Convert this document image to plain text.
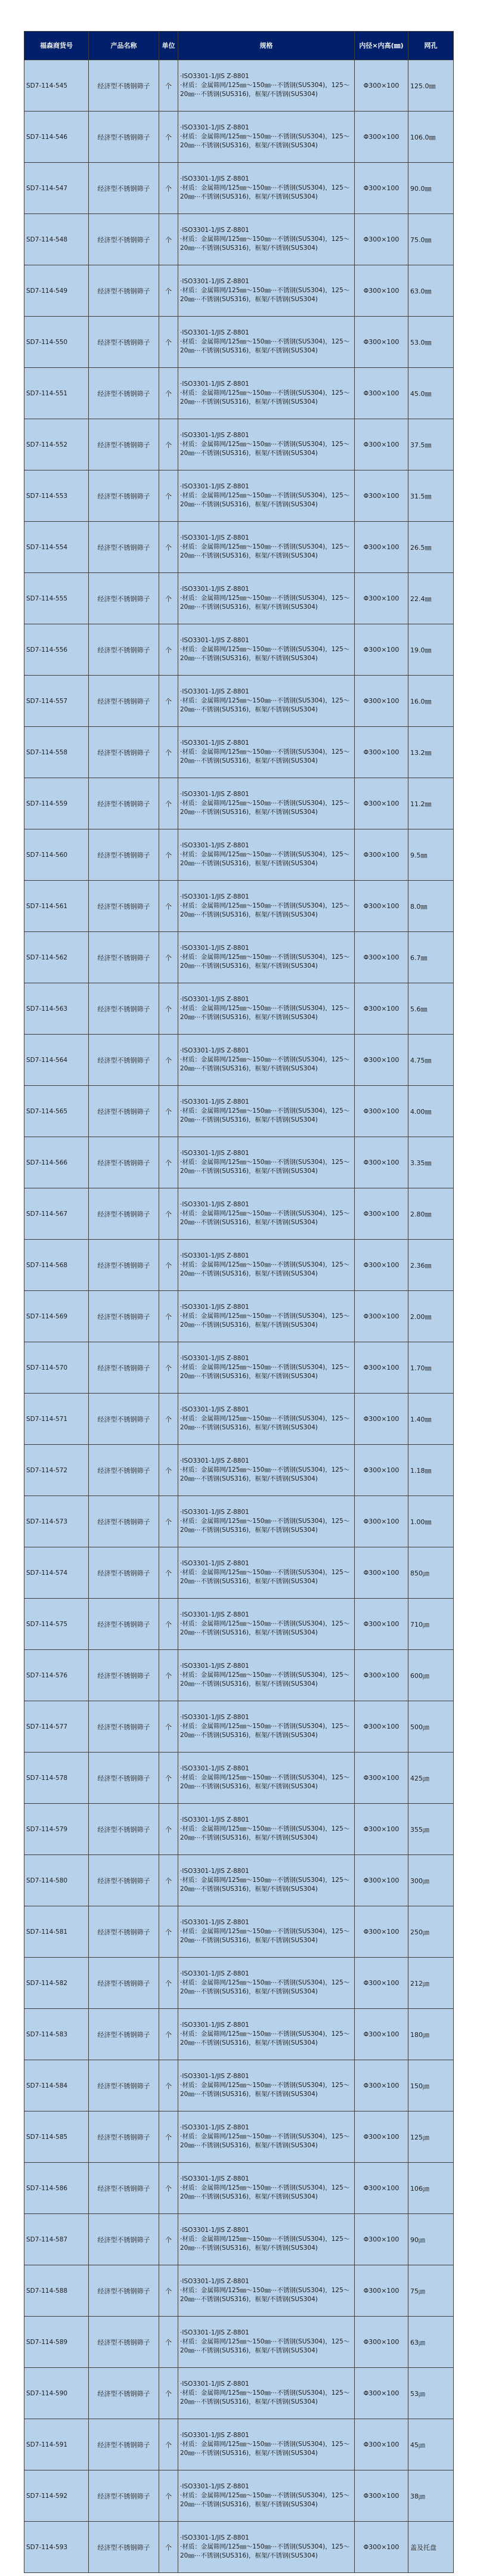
福森商货号	产品名称	单位	规格	内径×内高(㎜)	网孔
SD7-114-545	经济型不锈钢筛子	个	·ISO3301-1/JIS Z-8801
·材质：金属筛网/125㎜～150㎜⋯不锈钢(SUS304)，125～20㎜⋯不锈钢(SUS316)，框架/不锈钢(SUS304)	Φ300×100	125.0㎜
SD7-114-546	经济型不锈钢筛子	个	·ISO3301-1/JIS Z-8801
·材质：金属筛网/125㎜～150㎜⋯不锈钢(SUS304)，125～20㎜⋯不锈钢(SUS316)，框架/不锈钢(SUS304)	Φ300×100	106.0㎜
SD7-114-547	经济型不锈钢筛子	个	·ISO3301-1/JIS Z-8801
·材质：金属筛网/125㎜～150㎜⋯不锈钢(SUS304)，125～20㎜⋯不锈钢(SUS316)，框架/不锈钢(SUS304)	Φ300×100	90.0㎜
SD7-114-548	经济型不锈钢筛子	个	·ISO3301-1/JIS Z-8801
·材质：金属筛网/125㎜～150㎜⋯不锈钢(SUS304)，125～20㎜⋯不锈钢(SUS316)，框架/不锈钢(SUS304)	Φ300×100	75.0㎜
SD7-114-549	经济型不锈钢筛子	个	·ISO3301-1/JIS Z-8801
·材质：金属筛网/125㎜～150㎜⋯不锈钢(SUS304)，125～20㎜⋯不锈钢(SUS316)，框架/不锈钢(SUS304)	Φ300×100	63.0㎜
SD7-114-550	经济型不锈钢筛子	个	·ISO3301-1/JIS Z-8801
·材质：金属筛网/125㎜～150㎜⋯不锈钢(SUS304)，125～20㎜⋯不锈钢(SUS316)，框架/不锈钢(SUS304)	Φ300×100	53.0㎜
SD7-114-551	经济型不锈钢筛子	个	·ISO3301-1/JIS Z-8801
·材质：金属筛网/125㎜～150㎜⋯不锈钢(SUS304)，125～20㎜⋯不锈钢(SUS316)，框架/不锈钢(SUS304)	Φ300×100	45.0㎜
SD7-114-552	经济型不锈钢筛子	个	·ISO3301-1/JIS Z-8801
·材质：金属筛网/125㎜～150㎜⋯不锈钢(SUS304)，125～20㎜⋯不锈钢(SUS316)，框架/不锈钢(SUS304)	Φ300×100	37.5㎜
SD7-114-553	经济型不锈钢筛子	个	·ISO3301-1/JIS Z-8801
·材质：金属筛网/125㎜～150㎜⋯不锈钢(SUS304)，125～20㎜⋯不锈钢(SUS316)，框架/不锈钢(SUS304)	Φ300×100	31.5㎜
SD7-114-554	经济型不锈钢筛子	个	·ISO3301-1/JIS Z-8801
·材质：金属筛网/125㎜～150㎜⋯不锈钢(SUS304)，125～20㎜⋯不锈钢(SUS316)，框架/不锈钢(SUS304)	Φ300×100	26.5㎜
SD7-114-555	经济型不锈钢筛子	个	·ISO3301-1/JIS Z-8801
·材质：金属筛网/125㎜～150㎜⋯不锈钢(SUS304)，125～20㎜⋯不锈钢(SUS316)，框架/不锈钢(SUS304)	Φ300×100	22.4㎜
SD7-114-556	经济型不锈钢筛子	个	·ISO3301-1/JIS Z-8801
·材质：金属筛网/125㎜～150㎜⋯不锈钢(SUS304)，125～20㎜⋯不锈钢(SUS316)，框架/不锈钢(SUS304)	Φ300×100	19.0㎜
SD7-114-557	经济型不锈钢筛子	个	·ISO3301-1/JIS Z-8801
·材质：金属筛网/125㎜～150㎜⋯不锈钢(SUS304)，125～20㎜⋯不锈钢(SUS316)，框架/不锈钢(SUS304)	Φ300×100	16.0㎜
SD7-114-558	经济型不锈钢筛子	个	·ISO3301-1/JIS Z-8801
·材质：金属筛网/125㎜～150㎜⋯不锈钢(SUS304)，125～20㎜⋯不锈钢(SUS316)，框架/不锈钢(SUS304)	Φ300×100	13.2㎜
SD7-114-559	经济型不锈钢筛子	个	·ISO3301-1/JIS Z-8801
·材质：金属筛网/125㎜～150㎜⋯不锈钢(SUS304)，125～20㎜⋯不锈钢(SUS316)，框架/不锈钢(SUS304)	Φ300×100	11.2㎜
SD7-114-560	经济型不锈钢筛子	个	·ISO3301-1/JIS Z-8801
·材质：金属筛网/125㎜～150㎜⋯不锈钢(SUS304)，125～20㎜⋯不锈钢(SUS316)，框架/不锈钢(SUS304)	Φ300×100	9.5㎜
SD7-114-561	经济型不锈钢筛子	个	·ISO3301-1/JIS Z-8801
·材质：金属筛网/125㎜～150㎜⋯不锈钢(SUS304)，125～20㎜⋯不锈钢(SUS316)，框架/不锈钢(SUS304)	Φ300×100	8.0㎜
SD7-114-562	经济型不锈钢筛子	个	·ISO3301-1/JIS Z-8801
·材质：金属筛网/125㎜～150㎜⋯不锈钢(SUS304)，125～20㎜⋯不锈钢(SUS316)，框架/不锈钢(SUS304)	Φ300×100	6.7㎜
SD7-114-563	经济型不锈钢筛子	个	·ISO3301-1/JIS Z-8801
·材质：金属筛网/125㎜～150㎜⋯不锈钢(SUS304)，125～20㎜⋯不锈钢(SUS316)，框架/不锈钢(SUS304)	Φ300×100	5.6㎜
SD7-114-564	经济型不锈钢筛子	个	·ISO3301-1/JIS Z-8801
·材质：金属筛网/125㎜～150㎜⋯不锈钢(SUS304)，125～20㎜⋯不锈钢(SUS316)，框架/不锈钢(SUS304)	Φ300×100	4.75㎜
SD7-114-565	经济型不锈钢筛子	个	·ISO3301-1/JIS Z-8801
·材质：金属筛网/125㎜～150㎜⋯不锈钢(SUS304)，125～20㎜⋯不锈钢(SUS316)，框架/不锈钢(SUS304)	Φ300×100	4.00㎜
SD7-114-566	经济型不锈钢筛子	个	·ISO3301-1/JIS Z-8801
·材质：金属筛网/125㎜～150㎜⋯不锈钢(SUS304)，125～20㎜⋯不锈钢(SUS316)，框架/不锈钢(SUS304)	Φ300×100	3.35㎜
SD7-114-567	经济型不锈钢筛子	个	·ISO3301-1/JIS Z-8801
·材质：金属筛网/125㎜～150㎜⋯不锈钢(SUS304)，125～20㎜⋯不锈钢(SUS316)，框架/不锈钢(SUS304)	Φ300×100	2.80㎜
SD7-114-568	经济型不锈钢筛子	个	·ISO3301-1/JIS Z-8801
·材质：金属筛网/125㎜～150㎜⋯不锈钢(SUS304)，125～20㎜⋯不锈钢(SUS316)，框架/不锈钢(SUS304)	Φ300×100	2.36㎜
SD7-114-569	经济型不锈钢筛子	个	·ISO3301-1/JIS Z-8801
·材质：金属筛网/125㎜～150㎜⋯不锈钢(SUS304)，125～20㎜⋯不锈钢(SUS316)，框架/不锈钢(SUS304)	Φ300×100	2.00㎜
SD7-114-570	经济型不锈钢筛子	个	·ISO3301-1/JIS Z-8801
·材质：金属筛网/125㎜～150㎜⋯不锈钢(SUS304)，125～20㎜⋯不锈钢(SUS316)，框架/不锈钢(SUS304)	Φ300×100	1.70㎜
SD7-114-571	经济型不锈钢筛子	个	·ISO3301-1/JIS Z-8801
·材质：金属筛网/125㎜～150㎜⋯不锈钢(SUS304)，125～20㎜⋯不锈钢(SUS316)，框架/不锈钢(SUS304)	Φ300×100	1.40㎜
SD7-114-572	经济型不锈钢筛子	个	·ISO3301-1/JIS Z-8801
·材质：金属筛网/125㎜～150㎜⋯不锈钢(SUS304)，125～20㎜⋯不锈钢(SUS316)，框架/不锈钢(SUS304)	Φ300×100	1.18㎜
SD7-114-573	经济型不锈钢筛子	个	·ISO3301-1/JIS Z-8801
·材质：金属筛网/125㎜～150㎜⋯不锈钢(SUS304)，125～20㎜⋯不锈钢(SUS316)，框架/不锈钢(SUS304)	Φ300×100	1.00㎜
SD7-114-574	经济型不锈钢筛子	个	·ISO3301-1/JIS Z-8801
·材质：金属筛网/125㎜～150㎜⋯不锈钢(SUS304)，125～20㎜⋯不锈钢(SUS316)，框架/不锈钢(SUS304)	Φ300×100	850㎛
SD7-114-575	经济型不锈钢筛子	个	·ISO3301-1/JIS Z-8801
·材质：金属筛网/125㎜～150㎜⋯不锈钢(SUS304)，125～20㎜⋯不锈钢(SUS316)，框架/不锈钢(SUS304)	Φ300×100	710㎛
SD7-114-576	经济型不锈钢筛子	个	·ISO3301-1/JIS Z-8801
·材质：金属筛网/125㎜～150㎜⋯不锈钢(SUS304)，125～20㎜⋯不锈钢(SUS316)，框架/不锈钢(SUS304)	Φ300×100	600㎛
SD7-114-577	经济型不锈钢筛子	个	·ISO3301-1/JIS Z-8801
·材质：金属筛网/125㎜～150㎜⋯不锈钢(SUS304)，125～20㎜⋯不锈钢(SUS316)，框架/不锈钢(SUS304)	Φ300×100	500㎛
SD7-114-578	经济型不锈钢筛子	个	·ISO3301-1/JIS Z-8801
·材质：金属筛网/125㎜～150㎜⋯不锈钢(SUS304)，125～20㎜⋯不锈钢(SUS316)，框架/不锈钢(SUS304)	Φ300×100	425㎛
SD7-114-579	经济型不锈钢筛子	个	·ISO3301-1/JIS Z-8801
·材质：金属筛网/125㎜～150㎜⋯不锈钢(SUS304)，125～20㎜⋯不锈钢(SUS316)，框架/不锈钢(SUS304)	Φ300×100	355㎛
SD7-114-580	经济型不锈钢筛子	个	·ISO3301-1/JIS Z-8801
·材质：金属筛网/125㎜～150㎜⋯不锈钢(SUS304)，125～20㎜⋯不锈钢(SUS316)，框架/不锈钢(SUS304)	Φ300×100	300㎛
SD7-114-581	经济型不锈钢筛子	个	·ISO3301-1/JIS Z-8801
·材质：金属筛网/125㎜～150㎜⋯不锈钢(SUS304)，125～20㎜⋯不锈钢(SUS316)，框架/不锈钢(SUS304)	Φ300×100	250㎛
SD7-114-582	经济型不锈钢筛子	个	·ISO3301-1/JIS Z-8801
·材质：金属筛网/125㎜～150㎜⋯不锈钢(SUS304)，125～20㎜⋯不锈钢(SUS316)，框架/不锈钢(SUS304)	Φ300×100	212㎛
SD7-114-583	经济型不锈钢筛子	个	·ISO3301-1/JIS Z-8801
·材质：金属筛网/125㎜～150㎜⋯不锈钢(SUS304)，125～20㎜⋯不锈钢(SUS316)，框架/不锈钢(SUS304)	Φ300×100	180㎛
SD7-114-584	经济型不锈钢筛子	个	·ISO3301-1/JIS Z-8801
·材质：金属筛网/125㎜～150㎜⋯不锈钢(SUS304)，125～20㎜⋯不锈钢(SUS316)，框架/不锈钢(SUS304)	Φ300×100	150㎛
SD7-114-585	经济型不锈钢筛子	个	·ISO3301-1/JIS Z-8801
·材质：金属筛网/125㎜～150㎜⋯不锈钢(SUS304)，125～20㎜⋯不锈钢(SUS316)，框架/不锈钢(SUS304)	Φ300×100	125㎛
SD7-114-586	经济型不锈钢筛子	个	·ISO3301-1/JIS Z-8801
·材质：金属筛网/125㎜～150㎜⋯不锈钢(SUS304)，125～20㎜⋯不锈钢(SUS316)，框架/不锈钢(SUS304)	Φ300×100	106㎛
SD7-114-587	经济型不锈钢筛子	个	·ISO3301-1/JIS Z-8801
·材质：金属筛网/125㎜～150㎜⋯不锈钢(SUS304)，125～20㎜⋯不锈钢(SUS316)，框架/不锈钢(SUS304)	Φ300×100	90㎛
SD7-114-588	经济型不锈钢筛子	个	·ISO3301-1/JIS Z-8801
·材质：金属筛网/125㎜～150㎜⋯不锈钢(SUS304)，125～20㎜⋯不锈钢(SUS316)，框架/不锈钢(SUS304)	Φ300×100	75㎛
SD7-114-589	经济型不锈钢筛子	个	·ISO3301-1/JIS Z-8801
·材质：金属筛网/125㎜～150㎜⋯不锈钢(SUS304)，125～20㎜⋯不锈钢(SUS316)，框架/不锈钢(SUS304)	Φ300×100	63㎛
SD7-114-590	经济型不锈钢筛子	个	·ISO3301-1/JIS Z-8801
·材质：金属筛网/125㎜～150㎜⋯不锈钢(SUS304)，125～20㎜⋯不锈钢(SUS316)，框架/不锈钢(SUS304)	Φ300×100	53㎛
SD7-114-591	经济型不锈钢筛子	个	·ISO3301-1/JIS Z-8801
·材质：金属筛网/125㎜～150㎜⋯不锈钢(SUS304)，125～20㎜⋯不锈钢(SUS316)，框架/不锈钢(SUS304)	Φ300×100	45㎛
SD7-114-592	经济型不锈钢筛子	个	·ISO3301-1/JIS Z-8801
·材质：金属筛网/125㎜～150㎜⋯不锈钢(SUS304)，125～20㎜⋯不锈钢(SUS316)，框架/不锈钢(SUS304)	Φ300×100	38㎛
SD7-114-593	经济型不锈钢筛子	个	·ISO3301-1/JIS Z-8801
·材质：金属筛网/125㎜～150㎜⋯不锈钢(SUS304)，125～20㎜⋯不锈钢(SUS316)，框架/不锈钢(SUS304)	Φ300×100	盖及托盘
